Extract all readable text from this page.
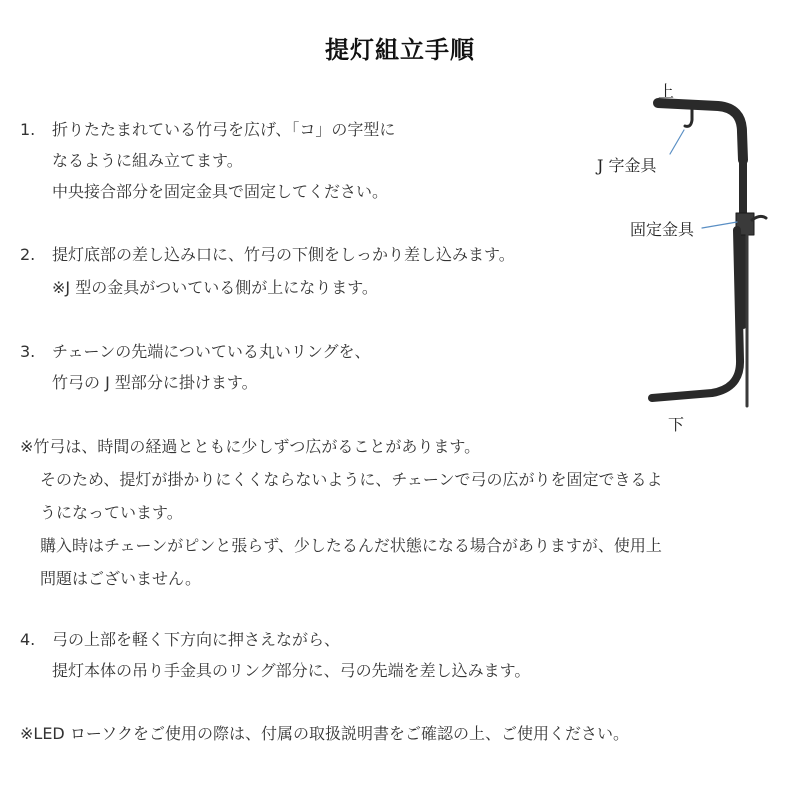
提灯組立手順
1. 折りたたまれている竹弓を広げ、「コ」の字型に
なるように組み立てます。
中央接合部分を固定金具で固定してください。
2. 提灯底部の差し込み口に、竹弓の下側をしっかり差し込みます。
※J 型の金具がついている側が上になります。
3. チェーンの先端についている丸いリングを、
竹弓の J 型部分に掛けます。
※竹弓は、時間の経過とともに少しずつ広がることがあります。
そのため、提灯が掛かりにくくならないように、チェーンで弓の広がりを固定できるよ
うになっています。
購入時はチェーンがピンと張らず、少したるんだ状態になる場合がありますが、使用上
問題はございません。
4. 弓の上部を軽く下方向に押さえながら、
提灯本体の吊り手金具のリング部分に、弓の先端を差し込みます。
※LED ローソクをご使用の際は、付属の取扱説明書をご確認の上、ご使用ください。
上
J 字金具
固定金具
下
